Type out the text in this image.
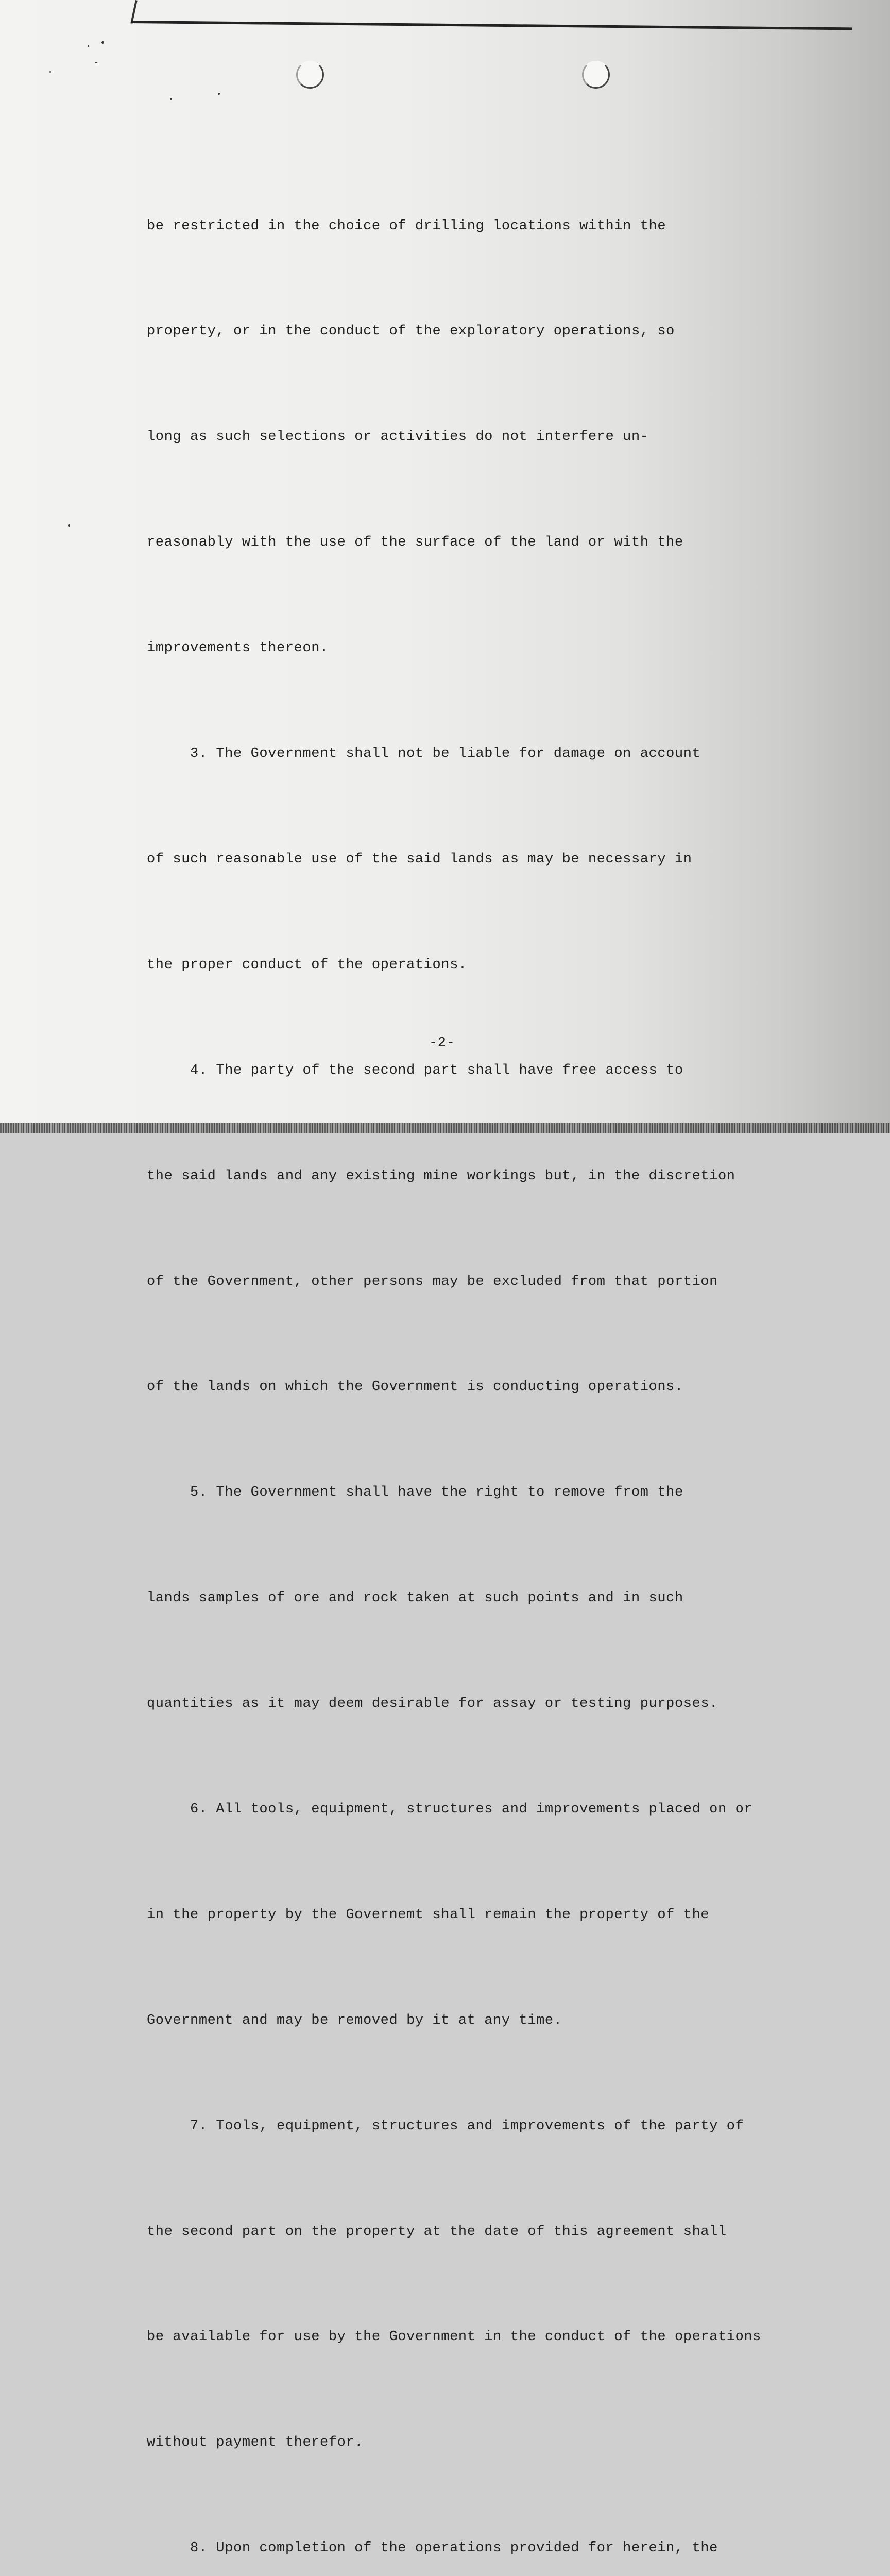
be restricted in the choice of drilling locations within the

property, or in the conduct of the exploratory operations, so

long as such selections or activities do not interfere un-

reasonably with the use of the surface of the land or with the

improvements thereon.

3. The Government shall not be liable for damage on account

of such reasonable use of the said lands as may be necessary in

the proper conduct of the operations.

4. The party of the second part shall have free access to

the said lands and any existing mine workings but, in the discretion

of the Government, other persons may be excluded from that portion

of the lands on which the Government is conducting operations.

5. The Government shall have the right to remove from the

lands samples of ore and rock taken at such points and in such

quantities as it may deem desirable for assay or testing purposes.

6. All tools, equipment, structures and improvements placed on or

in the property by the Governemt shall remain the property of the

Government and may be removed by it at any time.

7. Tools, equipment, structures and improvements of the party of

the second part on the property at the date of this agreement shall

be available for use by the Government in the conduct of the operations

without payment therefor.

8. Upon completion of the operations provided for herein, the

-2-
